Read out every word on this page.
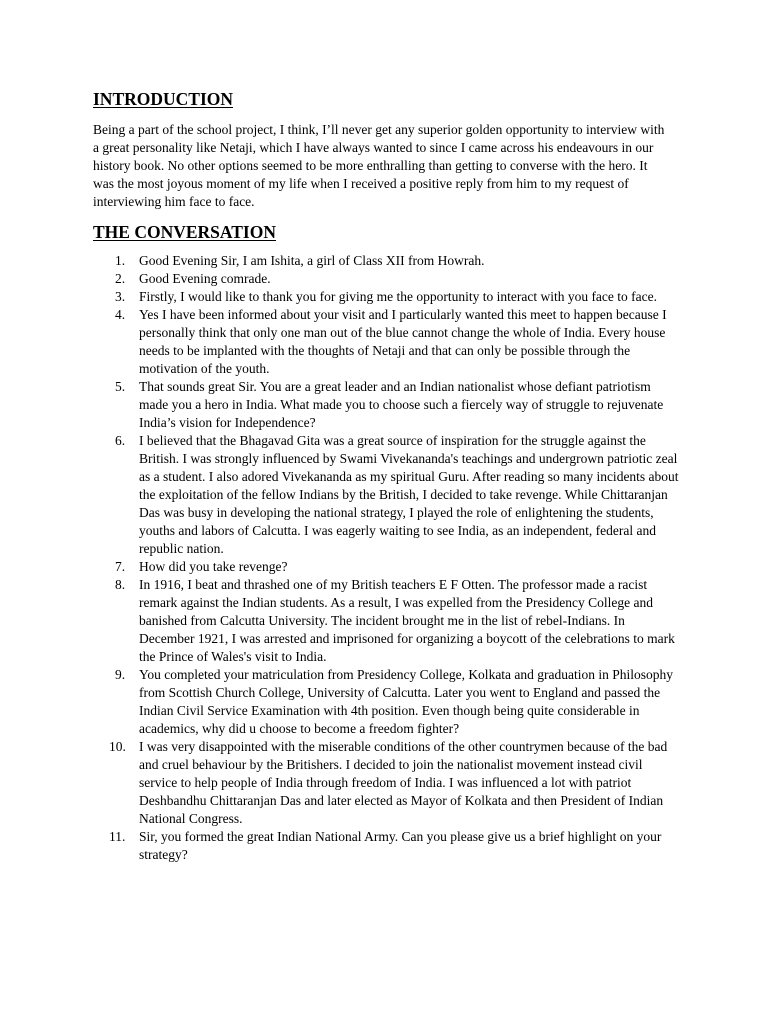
INTRODUCTION

Being a part of the school project, I think, I’ll never get any superior golden opportunity to interview with a great personality like Netaji, which I have always wanted to since I came across his endeavours in our history book. No other options seemed to be more enthralling than getting to converse with the hero. It was the most joyous moment of my life when I received a positive reply from him to my request of interviewing him face to face.

THE CONVERSATION
1. Good Evening Sir, I am Ishita, a girl of Class XII from Howrah.
2. Good Evening comrade.
3. Firstly, I would like to thank you for giving me the opportunity to interact with you face to face.
4. Yes I have been informed about your visit and I particularly wanted this meet to happen because I personally think that only one man out of the blue cannot change the whole of India. Every house needs to be implanted with the thoughts of Netaji and that can only be possible through the motivation of the youth.
5. That sounds great Sir. You are a great leader and an Indian nationalist whose defiant patriotism made you a hero in India. What made you to choose such a fiercely way of struggle to rejuvenate India’s vision for Independence?
6. I believed that the Bhagavad Gita was a great source of inspiration for the struggle against the British. I was strongly influenced by Swami Vivekananda's teachings and undergrown patriotic zeal as a student. I also adored Vivekananda as my spiritual Guru. After reading so many incidents about the exploitation of the fellow Indians by the British, I decided to take revenge. While Chittaranjan Das was busy in developing the national strategy, I played the role of enlightening the students, youths and labors of Calcutta. I was eagerly waiting to see India, as an independent, federal and republic nation.
7. How did you take revenge?
8. In 1916, I beat and thrashed one of my British teachers E F Otten. The professor made a racist remark against the Indian students. As a result, I was expelled from the Presidency College and banished from Calcutta University. The incident brought me in the list of rebel-Indians. In December 1921, I was arrested and imprisoned for organizing a boycott of the celebrations to mark the Prince of Wales's visit to India.
9. You completed your matriculation from Presidency College, Kolkata and graduation in Philosophy from Scottish Church College, University of Calcutta. Later you went to England and passed the Indian Civil Service Examination with 4th position. Even though being quite considerable in academics, why did u choose to become a freedom fighter?
10. I was very disappointed with the miserable conditions of the other countrymen because of the bad and cruel behaviour by the Britishers. I decided to join the nationalist movement instead civil service to help people of India through freedom of India. I was influenced a lot with patriot Deshbandhu Chittaranjan Das and later elected as Mayor of Kolkata and then President of Indian National Congress.
11. Sir, you formed the great Indian National Army. Can you please give us a brief highlight on your strategy?
